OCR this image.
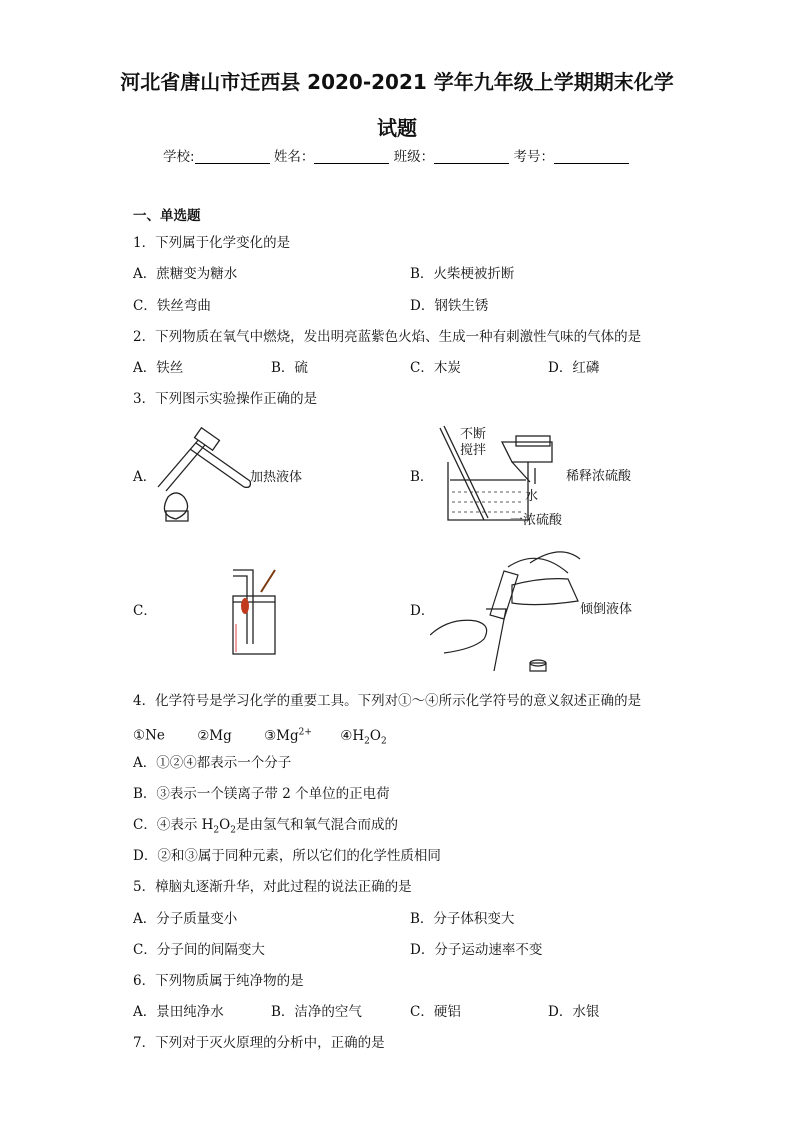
河北省唐山市迁西县 2020-2021 学年九年级上学期期末化学
试题
学校:	姓名：	班级：	考号：
一、单选题
1．下列属于化学变化的是
A．蔗糖变为糖水	B．火柴梗被折断
C．铁丝弯曲	D．钢铁生锈
2．下列物质在氧气中燃烧，发出明亮蓝紫色火焰、生成一种有刺激性气味的气体的是
A．铁丝	B．硫	C．木炭	D．红磷
3．下列图示实验操作正确的是
A．	B．
C．	D．
加热液体
不断
搅拌
稀释浓硫酸
水
一浓硫酸
倾倒液体
4．化学符号是学习化学的重要工具。下列对①～④所示化学符号的意义叙述正确的是
①Ne ②Mg $③Mg^{2+}$ $④H_2O_2$
A．①②④都表示一个分子
B．③表示一个镁离子带 2 个单位的正电荷
C．④表示 $H_2O_2$是由氢气和氧气混合而成的
D．②和③属于同种元素，所以它们的化学性质相同
5．樟脑丸逐渐升华，对此过程的说法正确的是
A．分子质量变小	B．分子体积变大
C．分子间的间隔变大	D．分子运动速率不变
6．下列物质属于纯净物的是
A．景田纯净水	B．洁净的空气	C．硬铝	D．水银
7．下列对于灭火原理的分析中，正确的是
